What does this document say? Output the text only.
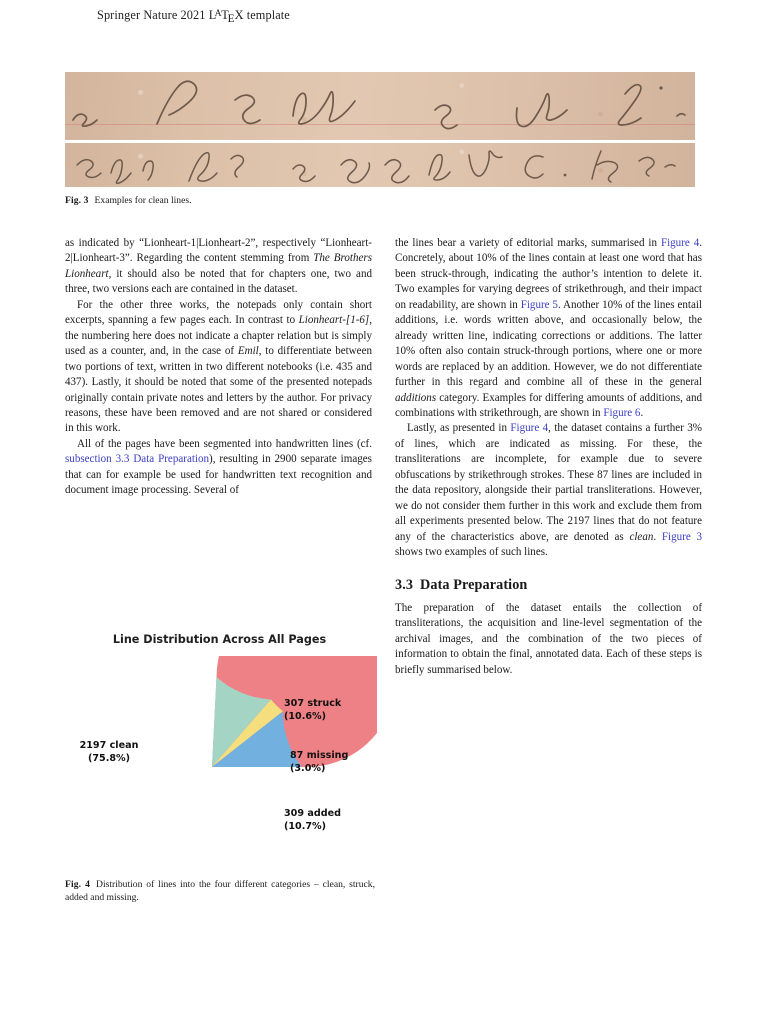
Springer Nature 2021 $L^ATEX$ template
Fig. 3 Examples for clean lines.

as indicated by “Lionheart-1|Lionheart-2”, respectively “Lionheart-2|Lionheart-3”. Regarding the content stemming from The Brothers Lionheart, it should also be noted that for chapters one, two and three, two versions each are contained in the dataset.

For the other three works, the notepads only contain short excerpts, spanning a few pages each. In contrast to Lionheart-[1-6], the numbering here does not indicate a chapter relation but is simply used as a counter, and, in the case of Emil, to differentiate between two portions of text, written in two different notebooks (i.e. 435 and 437). Lastly, it should be noted that some of the presented notepads originally contain private notes and letters by the author. For privacy reasons, these have been removed and are not shared or considered in this work.

All of the pages have been segmented into handwritten lines (cf. subsection 3.3 Data Preparation), resulting in 2900 separate images that can for example be used for handwritten text recognition and document image processing. Several of

Line Distribution Across All Pages
2197 clean
(75.8%)
307 struck
(10.6%)
87 missing
(3.0%)
309 added
(10.7%)
Fig. 4 Distribution of lines into the four different categories – clean, struck, added and missing.

the lines bear a variety of editorial marks, summarised in Figure 4. Concretely, about 10% of the lines contain at least one word that has been struck-through, indicating the author’s intention to delete it. Two examples for varying degrees of strikethrough, and their impact on readability, are shown in Figure 5. Another 10% of the lines entail additions, i.e. words written above, and occasionally below, the already written line, indicating corrections or additions. The latter 10% often also contain struck-through portions, where one or more words are replaced by an addition. However, we do not differentiate further in this regard and combine all of these in the general additions category. Examples for differing amounts of additions, and combinations with strikethrough, are shown in Figure 6.

Lastly, as presented in Figure 4, the dataset contains a further 3% of lines, which are indicated as missing. For these, the transliterations are incomplete, for example due to severe obfuscations by strikethrough strokes. These 87 lines are included in the data repository, alongside their partial transliterations. However, we do not consider them further in this work and exclude them from all experiments presented below. The 2197 lines that do not feature any of the characteristics above, are denoted as clean. Figure 3 shows two examples of such lines.

3.3 Data Preparation

The preparation of the dataset entails the collection of transliterations, the acquisition and line-level segmentation of the archival images, and the combination of the two pieces of information to obtain the final, annotated data. Each of these steps is briefly summarised below.
